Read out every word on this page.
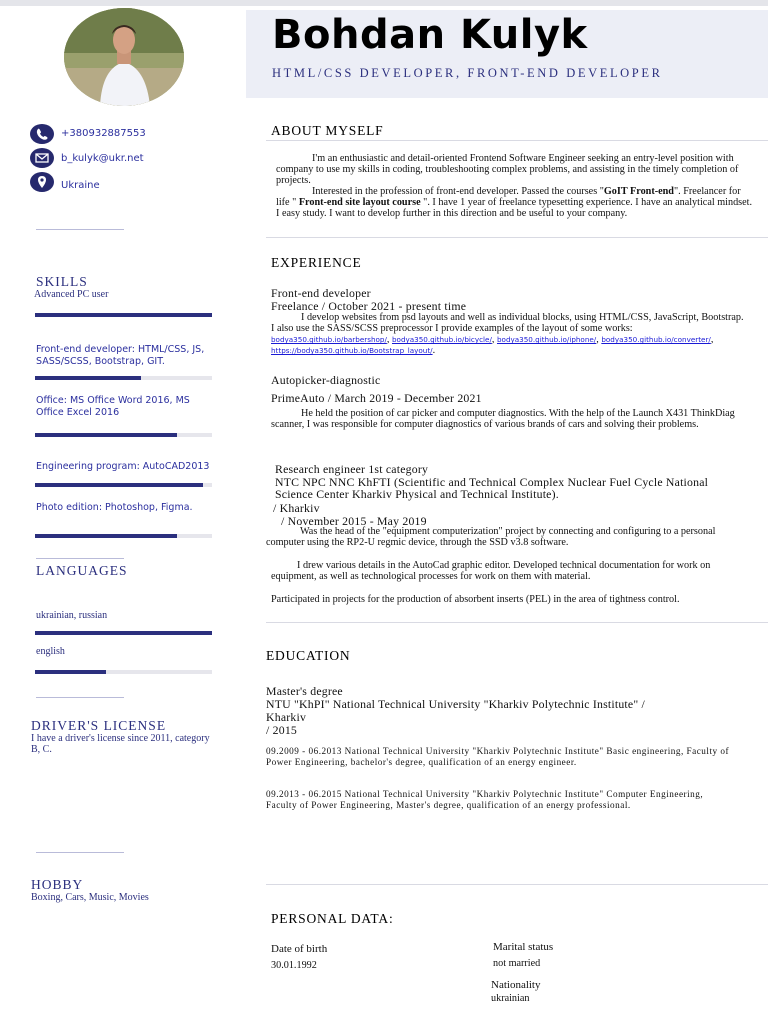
Bohdan Kulyk
HTML/CSS DEVELOPER, FRONT-END DEVELOPER
+380932887553
b_kulyk@ukr.net
Ukraine
SKILLS
Advanced PC user
Front-end developer: HTML/CSS, JS, SASS/SCSS, Bootstrap, GIT.
Office: MS Office Word 2016, MS Office Excel 2016
Engineering program: AutoCAD2013
Photo edition: Photoshop, Figma.
LANGUAGES
ukrainian, russian
english
DRIVER'S LICENSE
I have a driver's license since 2011, category B, C.
HOBBY
Boxing, Cars, Music, Movies
ABOUT MYSELF
I'm an enthusiastic and detail-oriented Frontend Software Engineer seeking an entry-level position with company to use my skills in coding, troubleshooting complex problems, and assisting in the timely completion of projects.
Interested in the profession of front-end developer. Passed the courses "GoIT Front-end". Freelancer for life " Front-end site layout course ". I have 1 year of freelance typesetting experience. I have an analytical mindset. I easy study. I want to develop further in this direction and be useful to your company.
EXPERIENCE
Front-end developer
Freelance / October 2021 - present time
I develop websites from psd layouts and well as individual blocks, using HTML/CSS, JavaScript, Bootstrap. I also use the SASS/SCSS preprocessor I provide examples of the layout of some works: bodya350.github.io/barbershop/, bodya350.github.io/bicycle/, bodya350.github.io/iphone/, bodya350.github.io/converter/, https://bodya350.github.io/Bootstrap_layout/.
Autopicker-diagnostic
PrimeAuto / March 2019 - December 2021
He held the position of car picker and computer diagnostics. With the help of the Launch X431 ThinkDiag scanner, I was responsible for computer diagnostics of various brands of cars and solving their problems.
Research engineer 1st category
NTC NPC NNC KhFTI (Scientific and Technical Complex Nuclear Fuel Cycle National Science Center Kharkiv Physical and Technical Institute).
/ Kharkiv
/ November 2015 - May 2019
Was the head of the "equipment computerization" project by connecting and configuring to a personal computer using the RP2-U regmic device, through the SSD v3.8 software.
I drew various details in the AutoCad graphic editor. Developed technical documentation for work on equipment, as well as technological processes for work on them with material.
Participated in projects for the production of absorbent inserts (PEL) in the area of tightness control.
EDUCATION
Master's degree
NTU "KhPI" National Technical University "Kharkiv Polytechnic Institute" /
Kharkiv
/ 2015
09.2009 - 06.2013 National Technical University "Kharkiv Polytechnic Institute" Basic engineering, Faculty of Power Engineering, bachelor's degree, qualification of an energy engineer.
09.2013 - 06.2015 National Technical University "Kharkiv Polytechnic Institute" Computer Engineering, Faculty of Power Engineering, Master's degree, qualification of an energy professional.
PERSONAL DATA:
Date of birth
30.01.1992
Marital status
not married
Nationality
ukrainian
